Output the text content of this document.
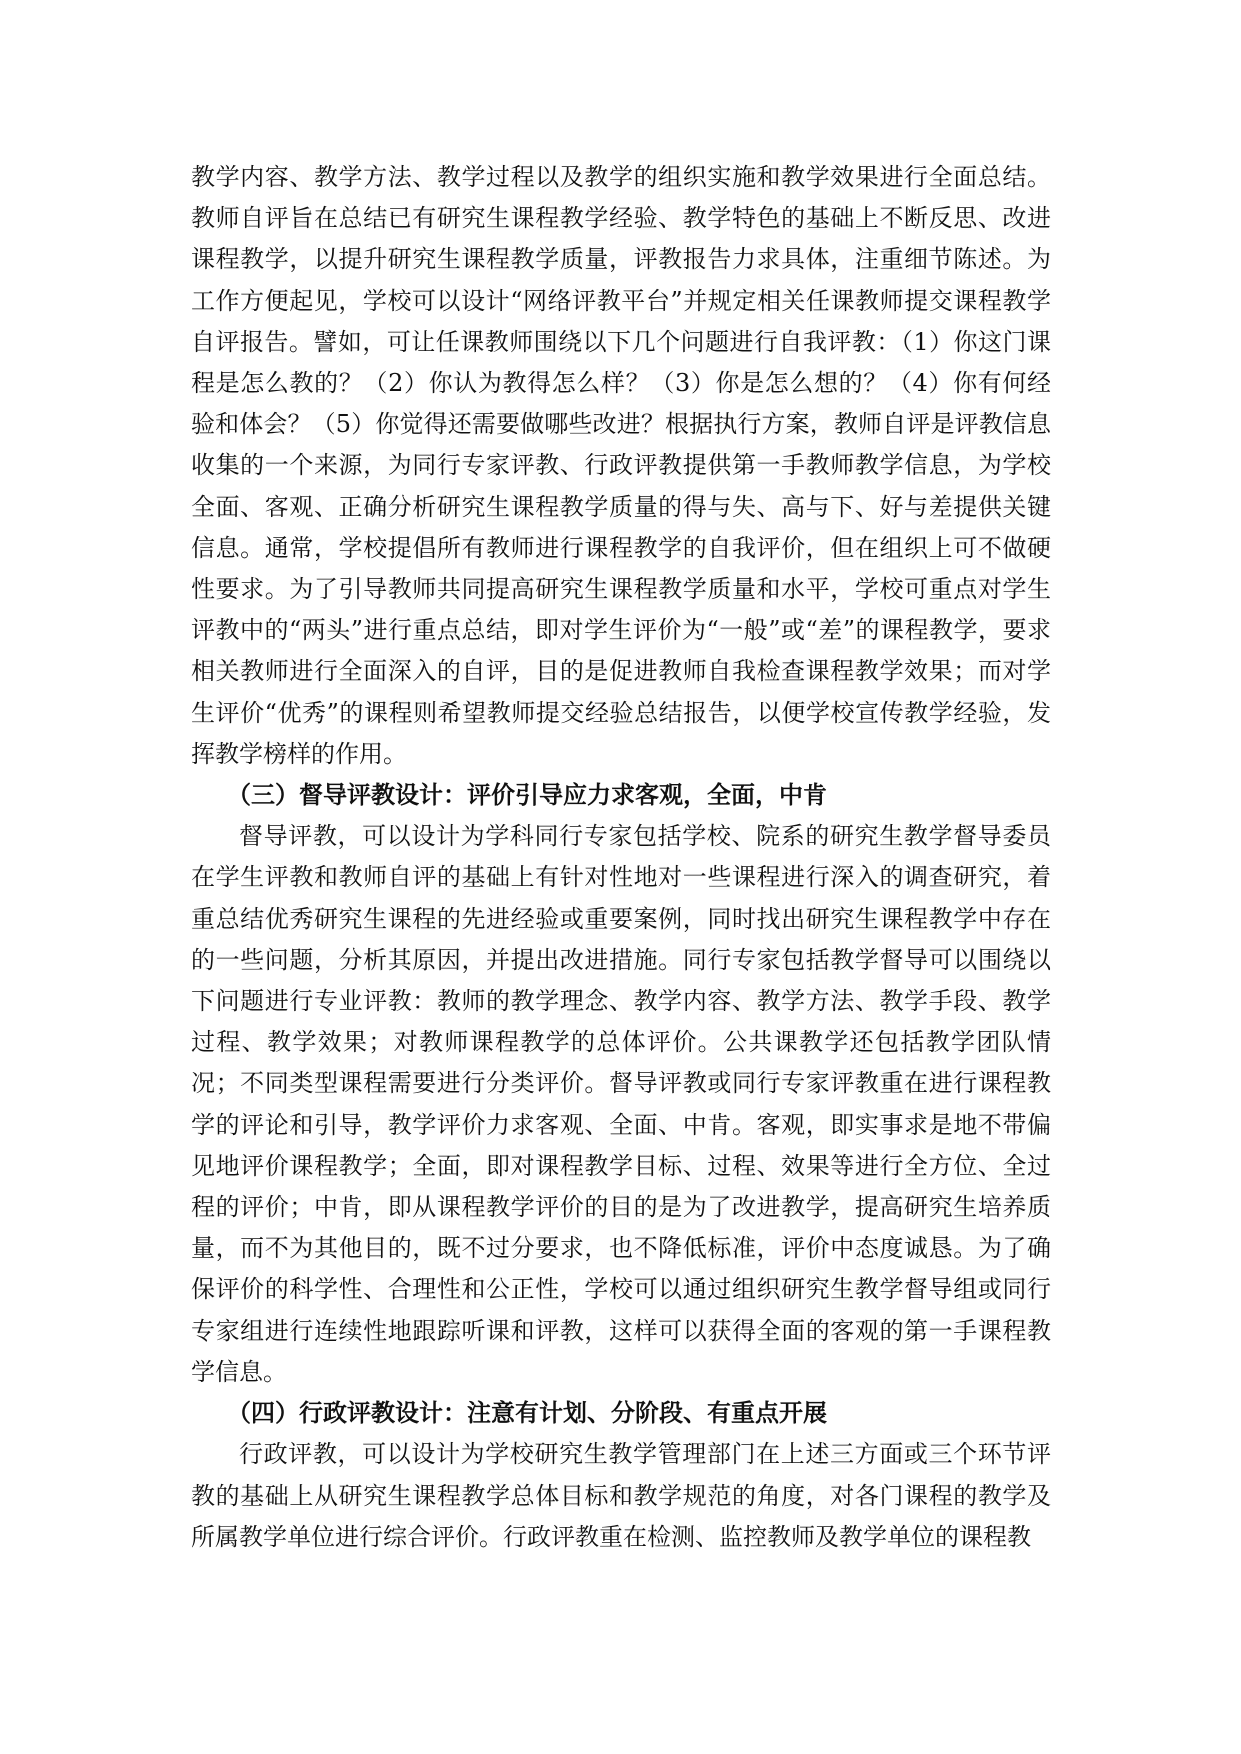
教学内容、教学方法、教学过程以及教学的组织实施和教学效果进行全面总结。教师自评旨在总结已有研究生课程教学经验、教学特色的基础上不断反思、改进课程教学，以提升研究生课程教学质量，评教报告力求具体，注重细节陈述。为工作方便起见，学校可以设计“网络评教平台”并规定相关任课教师提交课程教学自评报告。譬如，可让任课教师围绕以下几个问题进行自我评教：（1）你这门课程是怎么教的？（2）你认为教得怎么样？（3）你是怎么想的？（4）你有何经验和体会？（5）你觉得还需要做哪些改进？根据执行方案，教师自评是评教信息收集的一个来源，为同行专家评教、行政评教提供第一手教师教学信息，为学校全面、客观、正确分析研究生课程教学质量的得与失、高与下、好与差提供关键信息。通常，学校提倡所有教师进行课程教学的自我评价，但在组织上可不做硬性要求。为了引导教师共同提高研究生课程教学质量和水平，学校可重点对学生评教中的“两头”进行重点总结，即对学生评价为“一般”或“差”的课程教学，要求相关教师进行全面深入的自评，目的是促进教师自我检查课程教学效果；而对学生评价“优秀”的课程则希望教师提交经验总结报告，以便学校宣传教学经验，发挥教学榜样的作用。

（三）督导评教设计：评价引导应力求客观，全面，中肯

督导评教，可以设计为学科同行专家包括学校、院系的研究生教学督导委员在学生评教和教师自评的基础上有针对性地对一些课程进行深入的调查研究，着重总结优秀研究生课程的先进经验或重要案例，同时找出研究生课程教学中存在的一些问题，分析其原因，并提出改进措施。同行专家包括教学督导可以围绕以下问题进行专业评教：教师的教学理念、教学内容、教学方法、教学手段、教学过程、教学效果；对教师课程教学的总体评价。公共课教学还包括教学团队情况；不同类型课程需要进行分类评价。督导评教或同行专家评教重在进行课程教学的评论和引导，教学评价力求客观、全面、中肯。客观，即实事求是地不带偏见地评价课程教学；全面，即对课程教学目标、过程、效果等进行全方位、全过程的评价；中肯，即从课程教学评价的目的是为了改进教学，提高研究生培养质量，而不为其他目的，既不过分要求，也不降低标准，评价中态度诚恳。为了确保评价的科学性、合理性和公正性，学校可以通过组织研究生教学督导组或同行专家组进行连续性地跟踪听课和评教，这样可以获得全面的客观的第一手课程教学信息。

（四）行政评教设计：注意有计划、分阶段、有重点开展

行政评教，可以设计为学校研究生教学管理部门在上述三方面或三个环节评教的基础上从研究生课程教学总体目标和教学规范的角度，对各门课程的教学及所属教学单位进行综合评价。行政评教重在检测、监控教师及教学单位的课程教
